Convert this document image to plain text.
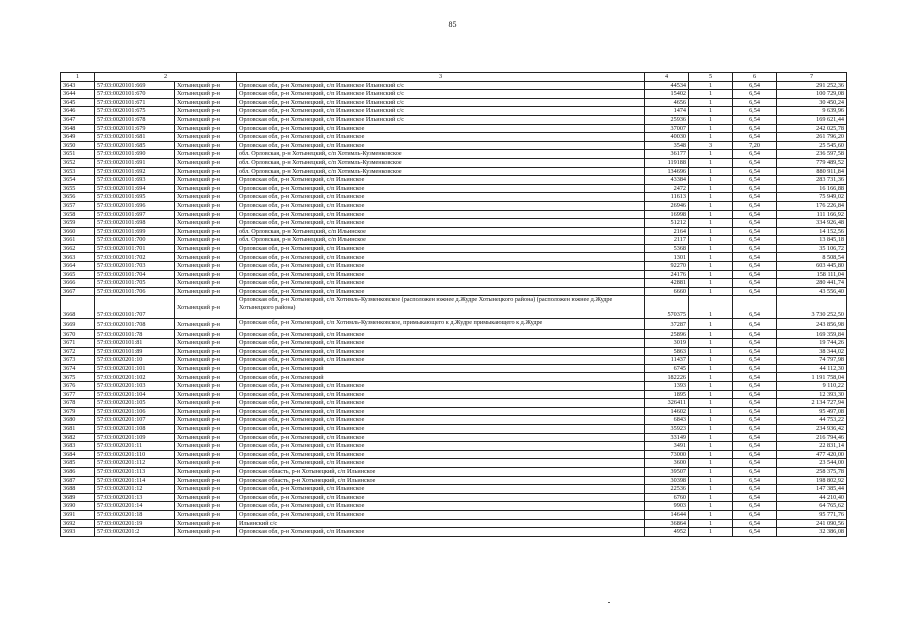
85
1	2		3	4	5	6	7
3643	57:03:0020101:669	Хотынецкий р-н	Орловская обл, р-н Хотынецкий, с/п Ильинское Ильинский с/с	44534	1	6,54	291 252,36
3644	57:03:0020101:670	Хотынецкий р-н	Орловская обл, р-н Хотынецкий, с/п Ильинское Ильинский с/с	15402	1	6,54	100 729,08
3645	57:03:0020101:671	Хотынецкий р-н	Орловская обл, р-н Хотынецкий, с/п Ильинское Ильинский с/с	4656	1	6,54	30 450,24
3646	57:03:0020101:675	Хотынецкий р-н	Орловская обл, р-н Хотынецкий, с/п Ильинское Ильинский с/с	1474	1	6,54	9 639,96
3647	57:03:0020101:678	Хотынецкий р-н	Орловская обл, р-н Хотынецкий, с/п Ильинское Ильинский с/с	25936	1	6,54	169 621,44
3648	57:03:0020101:679	Хотынецкий р-н	Орловская обл, р-н Хотынецкий, с/п Ильинское	37007	1	6,54	242 025,78
3649	57:03:0020101:681	Хотынецкий р-н	Орловская обл, р-н Хотынецкий, с/п Ильинское	40030	1	6,54	261 796,20
3650	57:03:0020101:685	Хотынецкий р-н	Орловская обл, р-н Хотынецкий, с/п Ильинское	3548	3	7,20	25 545,60
3651	57:03:0020101:690	Хотынецкий р-н	обл. Орловская, р-н Хотынецкий, с/п Хотимль-Кузменковское	36177	1	6,54	236 597,58
3652	57:03:0020101:691	Хотынецкий р-н	обл. Орловская, р-н Хотынецкий, с/п Хотимль-Кузменковское	119188	1	6,54	779 489,52
3653	57:03:0020101:692	Хотынецкий р-н	обл. Орловская, р-н Хотынецкий, с/п Хотимль-Кузменковское	134696	1	6,54	880 911,84
3654	57:03:0020101:693	Хотынецкий р-н	Орловская обл, р-н Хотынецкий, с/п Ильинское	43384	1	6,54	283 731,36
3655	57:03:0020101:694	Хотынецкий р-н	Орловская обл, р-н Хотынецкий, с/п Ильинское	2472	1	6,54	16 166,88
3656	57:03:0020101:695	Хотынецкий р-н	Орловская обл, р-н Хотынецкий, с/п Ильинское	11613	1	6,54	75 949,02
3657	57:03:0020101:696	Хотынецкий р-н	Орловская обл, р-н Хотынецкий, с/п Ильинское	26946	1	6,54	176 226,84
3658	57:03:0020101:697	Хотынецкий р-н	Орловская обл, р-н Хотынецкий, с/п Ильинское	16998	1	6,54	111 166,92
3659	57:03:0020101:698	Хотынецкий р-н	Орловская обл, р-н Хотынецкий, с/п Ильинское	51212	1	6,54	334 926,48
3660	57:03:0020101:699	Хотынецкий р-н	обл. Орловская, р-н Хотынецкий, с/п Ильинское	2164	1	6,54	14 152,56
3661	57:03:0020101:700	Хотынецкий р-н	обл. Орловская, р-н Хотынецкий, с/п Ильинское	2117	1	6,54	13 845,18
3662	57:03:0020101:701	Хотынецкий р-н	Орловская обл, р-н Хотынецкий, с/п Ильинское	5368	1	6,54	35 106,72
3663	57:03:0020101:702	Хотынецкий р-н	Орловская обл, р-н Хотынецкий, с/п Ильинское	1301	1	6,54	8 508,54
3664	57:03:0020101:703	Хотынецкий р-н	Орловская обл, р-н Хотынецкий, с/п Ильинское	92270	1	6,54	603 445,80
3665	57:03:0020101:704	Хотынецкий р-н	Орловская обл, р-н Хотынецкий, с/п Ильинское	24176	1	6,54	158 111,04
3666	57:03:0020101:705	Хотынецкий р-н	Орловская обл, р-н Хотынецкий, с/п Ильинское	42881	1	6,54	280 441,74
3667	57:03:0020101:706	Хотынецкий р-н	Орловская обл, р-н Хотынецкий, с/п Ильинское	6660	1	6,54	43 556,40
3668	57:03:0020101:707	Хотынецкий р-н	Орловская обл, р-н Хотынецкий, с/п Хотимль-Кузменковское (расположен южнее д.Жудре Хотынецкого района) (расположен южнее д.Жудре Хотынецкого района)	570375	1	6,54	3 730 252,50
3669	57:03:0020101:708	Хотынецкий р-н	Орловская обл, р-н Хотынецкий, с/п Хотимль-Кузменковское, примыкающего к д.Жудре примыкающего к д.Жудре	37287	1	6,54	243 856,98
3670	57:03:0020101:78	Хотынецкий р-н	Орловская обл, р-н Хотынецкий, с/п Ильинское	25896	1	6,54	169 359,84
3671	57:03:0020101:81	Хотынецкий р-н	Орловская обл, р-н Хотынецкий, с/п Ильинское	3019	1	6,54	19 744,26
3672	57:03:0020101:89	Хотынецкий р-н	Орловская обл, р-н Хотынецкий, с/п Ильинское	5863	1	6,54	38 344,02
3673	57:03:0020201:10	Хотынецкий р-н	Орловская обл, р-н Хотынецкий, с/п Ильинское	11437	1	6,54	74 797,98
3674	57:03:0020201:101	Хотынецкий р-н	Орловская обл, р-н Хотынецкий	6745	1	6,54	44 112,30
3675	57:03:0020201:102	Хотынецкий р-н	Орловская обл, р-н Хотынецкий	182226	1	6,54	1 191 758,04
3676	57:03:0020201:103	Хотынецкий р-н	Орловская обл, р-н Хотынецкий, с/п Ильинское	1393	1	6,54	9 110,22
3677	57:03:0020201:104	Хотынецкий р-н	Орловская обл, р-н Хотынецкий, с/п Ильинское	1895	1	6,54	12 393,30
3678	57:03:0020201:105	Хотынецкий р-н	Орловская обл, р-н Хотынецкий, с/п Ильинское	326411	1	6,54	2 134 727,94
3679	57:03:0020201:106	Хотынецкий р-н	Орловская обл, р-н Хотынецкий, с/п Ильинское	14602	1	6,54	95 497,08
3680	57:03:0020201:107	Хотынецкий р-н	Орловская обл, р-н Хотынецкий, с/п Ильинское	6843	1	6,54	44 753,22
3681	57:03:0020201:108	Хотынецкий р-н	Орловская обл, р-н Хотынецкий, с/п Ильинское	35923	1	6,54	234 936,42
3682	57:03:0020201:109	Хотынецкий р-н	Орловская обл, р-н Хотынецкий, с/п Ильинское	33149	1	6,54	216 794,46
3683	57:03:0020201:11	Хотынецкий р-н	Орловская обл, р-н Хотынецкий, с/п Ильинское	3491	1	6,54	22 831,14
3684	57:03:0020201:110	Хотынецкий р-н	Орловская обл, р-н Хотынецкий, с/п Ильинское	73000	1	6,54	477 420,00
3685	57:03:0020201:112	Хотынецкий р-н	Орловская обл, р-н Хотынецкий, с/п Ильинское	3600	1	6,54	23 544,00
3686	57:03:0020201:113	Хотынецкий р-н	Орловская область, р-н Хотынецкий, с/п Ильинское	39507	1	6,54	258 375,78
3687	57:03:0020201:114	Хотынецкий р-н	Орловская область, р-н Хотынецкий, с/п Ильинское	30398	1	6,54	198 802,92
3688	57:03:0020201:12	Хотынецкий р-н	Орловская обл, р-н Хотынецкий, с/п Ильинское	22536	1	6,54	147 385,44
3689	57:03:0020201:13	Хотынецкий р-н	Орловская обл, р-н Хотынецкий, с/п Ильинское	6760	1	6,54	44 210,40
3690	57:03:0020201:14	Хотынецкий р-н	Орловская обл, р-н Хотынецкий, с/п Ильинское	9903	1	6,54	64 765,62
3691	57:03:0020201:18	Хотынецкий р-н	Орловская обл, р-н Хотынецкий, с/п Ильинское	14644	1	6,54	95 771,76
3692	57:03:0020201:19	Хотынецкий р-н	Ильинский с/с	36864	1	6,54	241 090,56
3693	57:03:0020201:2	Хотынецкий р-н	Орловская обл, р-н Хотынецкий, с/п Ильинское	4952	1	6,54	32 386,08
